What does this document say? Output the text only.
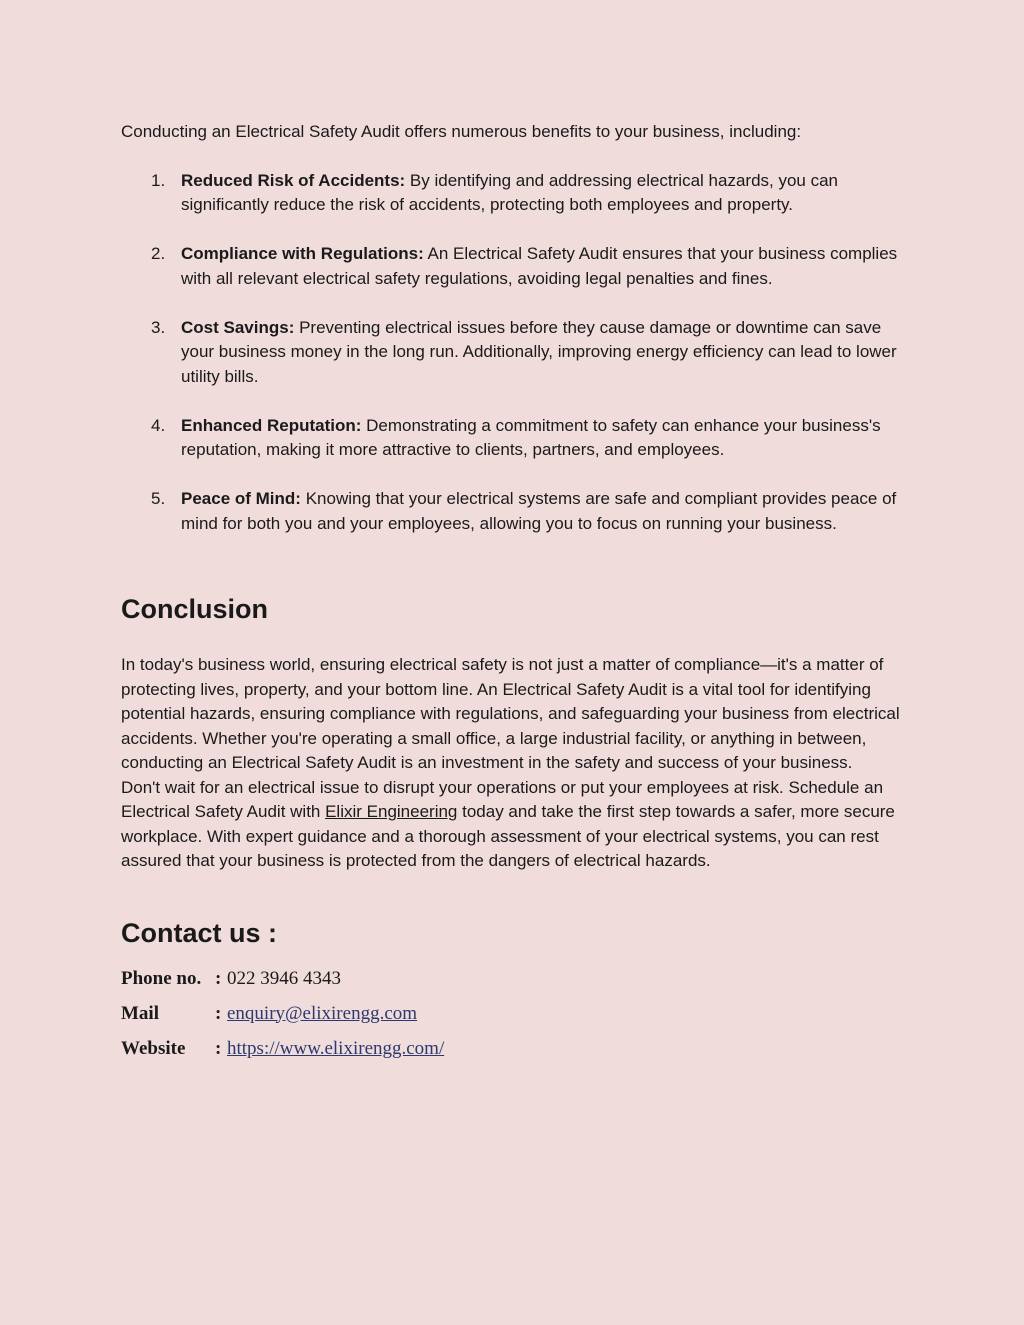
Conducting an Electrical Safety Audit offers numerous benefits to your business, including:

1. Reduced Risk of Accidents: By identifying and addressing electrical hazards, you can significantly reduce the risk of accidents, protecting both employees and property.
2. Compliance with Regulations: An Electrical Safety Audit ensures that your business complies with all relevant electrical safety regulations, avoiding legal penalties and fines.
3. Cost Savings: Preventing electrical issues before they cause damage or downtime can save your business money in the long run. Additionally, improving energy efficiency can lead to lower utility bills.
4. Enhanced Reputation: Demonstrating a commitment to safety can enhance your business's reputation, making it more attractive to clients, partners, and employees.
5. Peace of Mind: Knowing that your electrical systems are safe and compliant provides peace of mind for both you and your employees, allowing you to focus on running your business.
Conclusion

In today's business world, ensuring electrical safety is not just a matter of compliance—it's a matter of protecting lives, property, and your bottom line. An Electrical Safety Audit is a vital tool for identifying potential hazards, ensuring compliance with regulations, and safeguarding your business from electrical accidents. Whether you're operating a small office, a large industrial facility, or anything in between, conducting an Electrical Safety Audit is an investment in the safety and success of your business.

Don't wait for an electrical issue to disrupt your operations or put your employees at risk. Schedule an Electrical Safety Audit with Elixir Engineering today and take the first step towards a safer, more secure workplace. With expert guidance and a thorough assessment of your electrical systems, you can rest assured that your business is protected from the dangers of electrical hazards.

Contact us :
Phone no. : 022 3946 4343
Mail	: enquiry@elixirengg.com
Website	: https://www.elixirengg.com/
